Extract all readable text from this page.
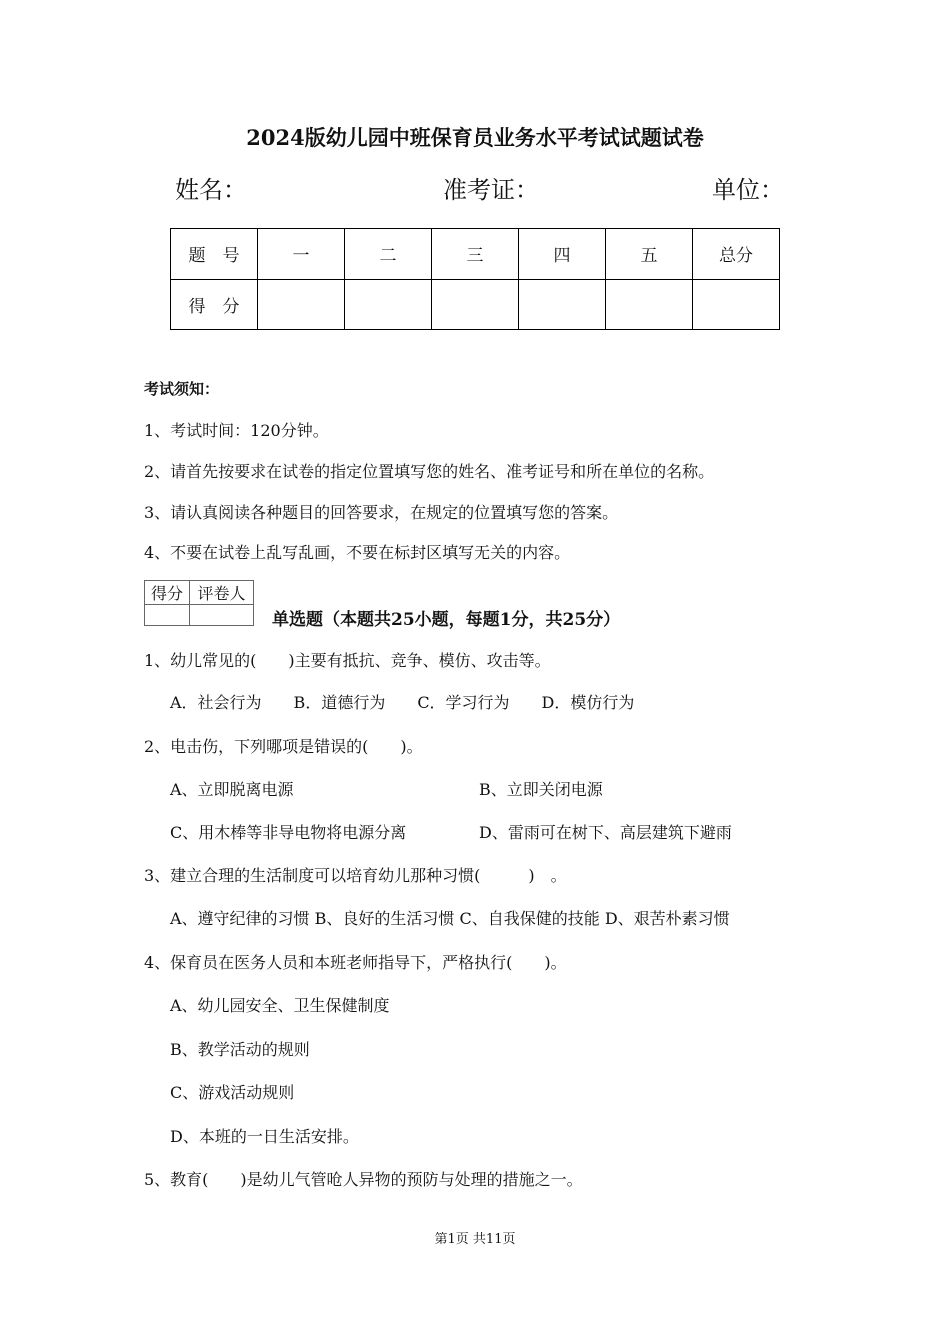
2024版幼儿园中班保育员业务水平考试试题试卷
姓名：	准考证：	单位：
题　号	一	二	三	四	五	总分
得　分						
考试须知：
1、考试时间：120分钟。
2、请首先按要求在试卷的指定位置填写您的姓名、准考证号和所在单位的名称。
3、请认真阅读各种题目的回答要求，在规定的位置填写您的答案。
4、不要在试卷上乱写乱画，不要在标封区填写无关的内容。
得分	评卷人

单选题（本题共25小题，每题1分，共25分）
1、幼儿常见的(　　)主要有抵抗、竞争、模仿、攻击等。
A．社会行为　　B．道德行为　　C．学习行为　　D．模仿行为
2、电击伤，下列哪项是错误的(　　)。
A、立即脱离电源	B、立即关闭电源
C、用木棒等非导电物将电源分离	D、雷雨可在树下、高层建筑下避雨
3、建立合理的生活制度可以培育幼儿那种习惯(　　　)　。
A、遵守纪律的习惯 B、良好的生活习惯 C、自我保健的技能 D、艰苦朴素习惯
4、保育员在医务人员和本班老师指导下，严格执行(　　)。
A、幼儿园安全、卫生保健制度
B、教学活动的规则
C、游戏活动规则
D、本班的一日生活安排。
5、教育(　　)是幼儿气管呛人异物的预防与处理的措施之一。
第1页 共11页
